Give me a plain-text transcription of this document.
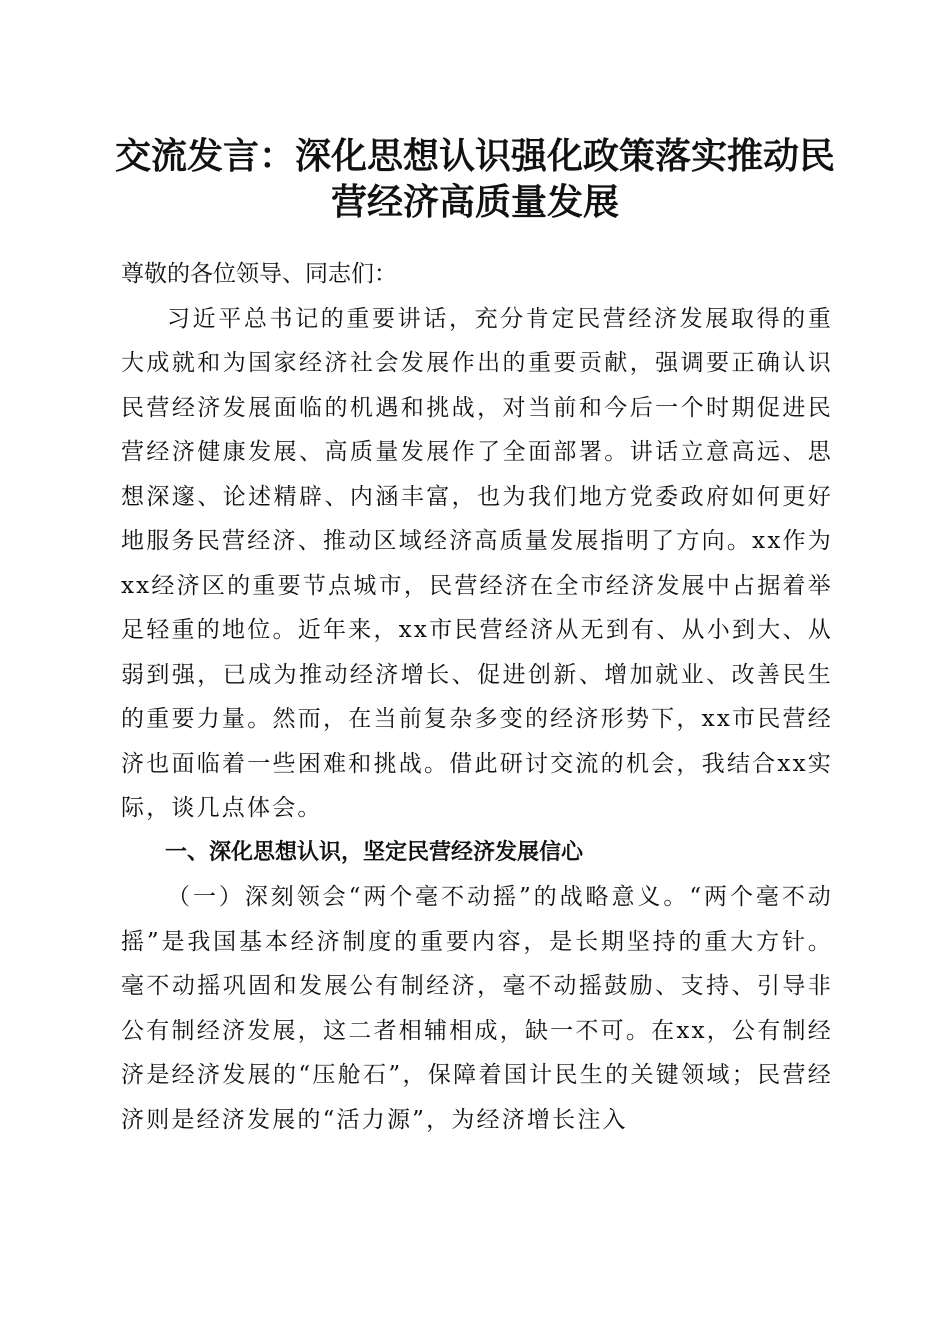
交流发言：深化思想认识强化政策落实推动民
营经济高质量发展

尊敬的各位领导、同志们：

习近平总书记的重要讲话，充分肯定民营经济发展取得的重大成就和为国家经济社会发展作出的重要贡献，强调要正确认识民营经济发展面临的机遇和挑战，对当前和今后一个时期促进民营经济健康发展、高质量发展作了全面部署。讲话立意高远、思想深邃、论述精辟、内涵丰富，也为我们地方党委政府如何更好地服务民营经济、推动区域经济高质量发展指明了方向。xx作为xx经济区的重要节点城市，民营经济在全市经济发展中占据着举足轻重的地位。近年来，xx市民营经济从无到有、从小到大、从弱到强，已成为推动经济增长、促进创新、增加就业、改善民生的重要力量。然而，在当前复杂多变的经济形势下，xx市民营经济也面临着一些困难和挑战。借此研讨交流的机会，我结合xx实际，谈几点体会。

一、深化思想认识，坚定民营经济发展信心

（一）深刻领会“两个毫不动摇”的战略意义。“两个毫不动摇”是我国基本经济制度的重要内容，是长期坚持的重大方针。毫不动摇巩固和发展公有制经济，毫不动摇鼓励、支持、引导非公有制经济发展，这二者相辅相成，缺一不可。在xx，公有制经济是经济发展的“压舱石”，保障着国计民生的关键领域；民营经济则是经济发展的“活力源”，为经济增长注入
